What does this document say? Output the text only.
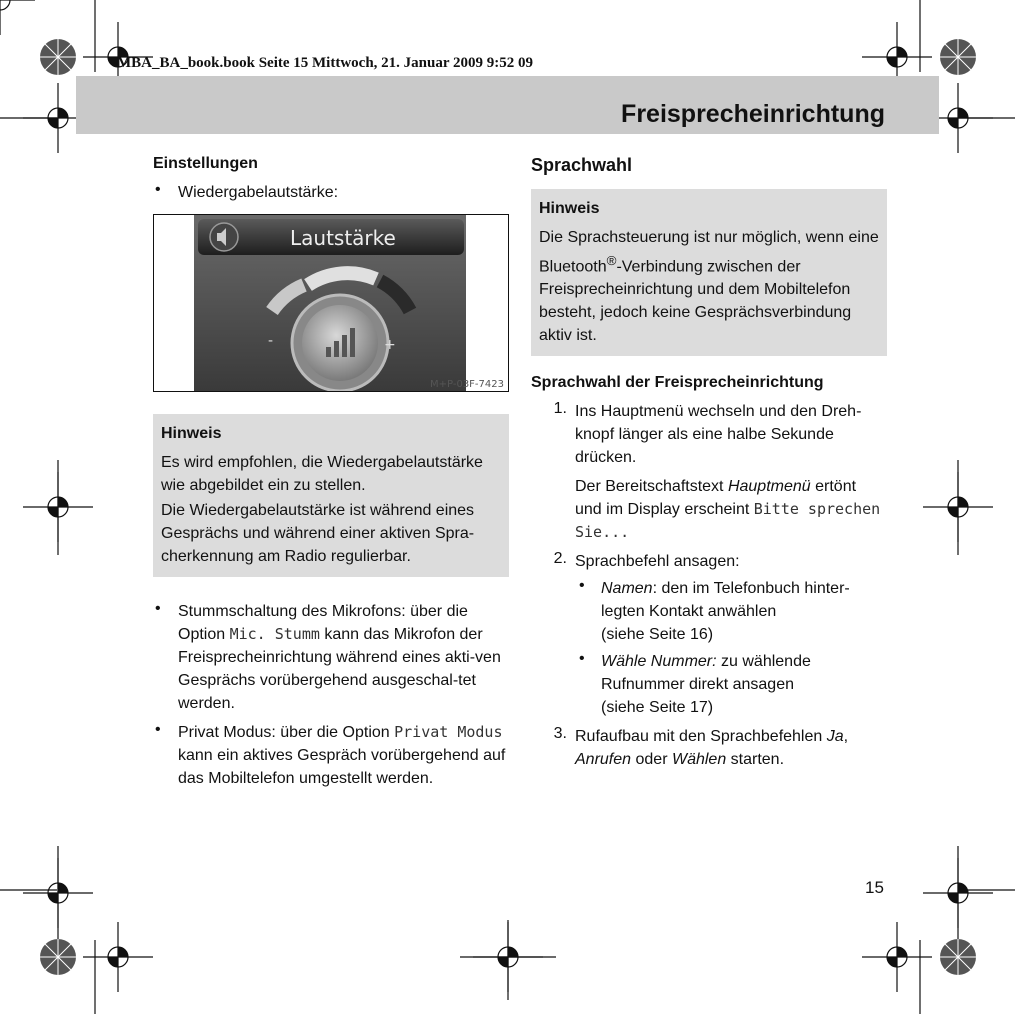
Freisprecheinrichtung
MBA_BA_book.book Seite 15 Mittwoch, 21. Januar 2009 9:52 09
Einstellungen
•	Wiedergabelautstärke:

-	+
Lautstärke
M+P-03F-7423

Hinweis

Es wird empfohlen, die Wiedergabelautstärke wie abgebildet ein zu stellen.

Die Wiedergabelautstärke ist während eines Gesprächs und während einer aktiven Spra-cherkennung am Radio regulierbar.

•	Stummschaltung des Mikrofons: über die Option Mic. Stumm kann das Mikrofon der Freisprecheinrichtung während eines akti-ven Gesprächs vorübergehend ausgeschal-tet werden.

•	Privat Modus: über die Option Privat Modus kann ein aktives Gespräch vorübergehend auf das Mobiltelefon umgestellt werden.

Sprachwahl

Hinweis

Die Sprachsteuerung ist nur möglich, wenn eine Bluetooth®-Verbindung zwischen der Freisprecheinrichtung und dem Mobiltelefon besteht, jedoch keine Gesprächsverbindung aktiv ist.

Sprachwahl der Freisprecheinrichtung
1. Ins Hauptmenü wechseln und den Dreh-knopf länger als eine halbe Sekunde drücken.

Der Bereitschaftstext Hauptmenü ertönt und im Display erscheint Bitte sprechen Sie...

2. Sprachbefehl ansagen:

•	Namen: den im Telefonbuch hinter-legten Kontakt anwählen
(siehe Seite 16)

•	Wähle Nummer: zu wählende Rufnummer direkt ansagen
(siehe Seite 17)

3. Rufaufbau mit den Sprachbefehlen Ja, Anrufen oder Wählen starten.

15
